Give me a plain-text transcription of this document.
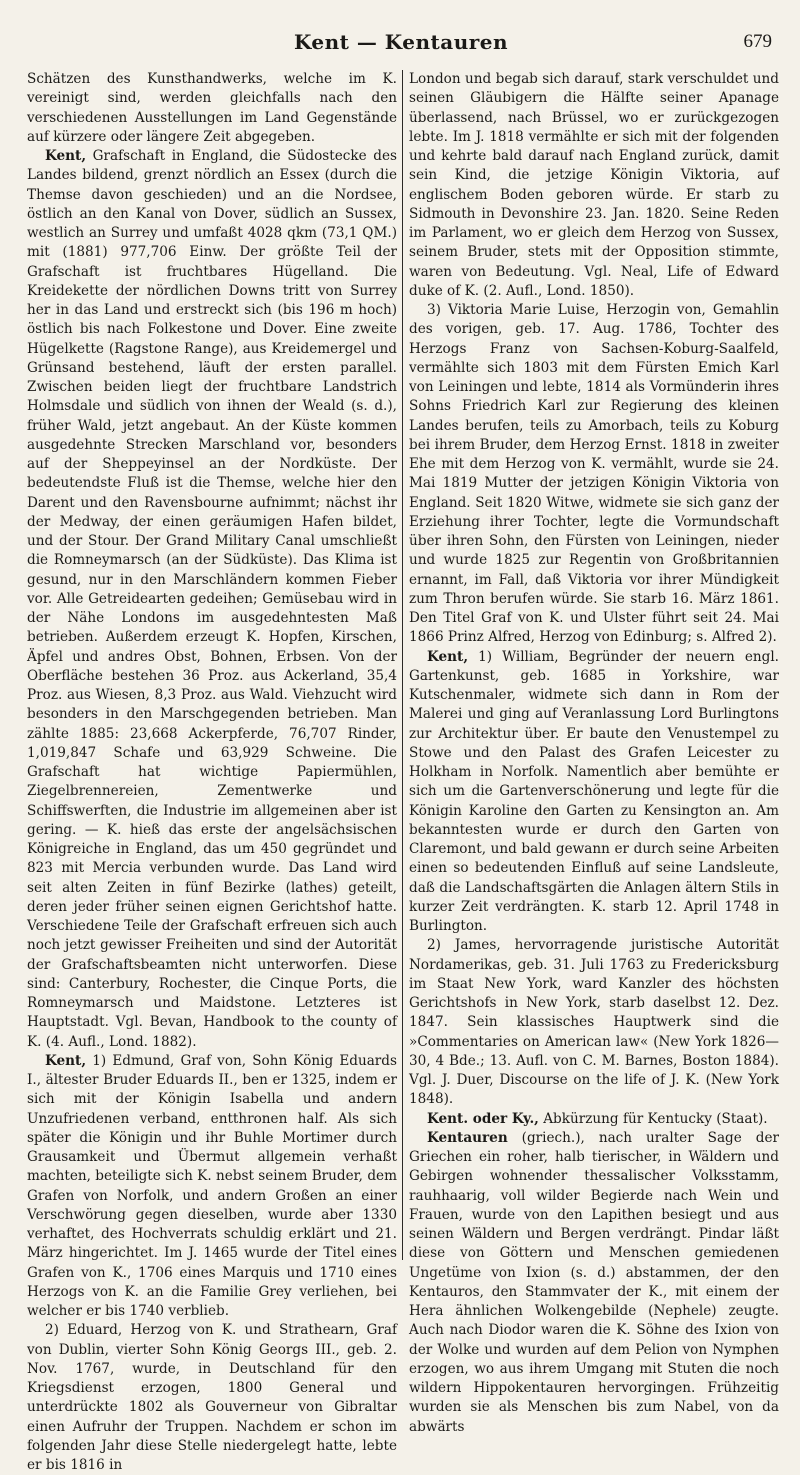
Kent — Kentauren	679

Schätzen des Kunsthandwerks, welche im K. vereinigt sind, werden gleichfalls nach den verschiedenen Ausstellungen im Land Gegenstände auf kürzere oder längere Zeit abgegeben.

Kent, Grafschaft in England, die Südostecke des Landes bildend, grenzt nördlich an Essex (durch die Themse davon geschieden) und an die Nordsee, östlich an den Kanal von Dover, südlich an Sussex, westlich an Surrey und umfaßt 4028 qkm (73,1 QM.) mit (1881) 977,706 Einw. Der größte Teil der Grafschaft ist fruchtbares Hügelland. Die Kreidekette der nördlichen Downs tritt von Surrey her in das Land und erstreckt sich (bis 196 m hoch) östlich bis nach Folkestone und Dover. Eine zweite Hügelkette (Ragstone Range), aus Kreidemergel und Grünsand bestehend, läuft der ersten parallel. Zwischen beiden liegt der fruchtbare Landstrich Holmsdale und südlich von ihnen der Weald (s. d.), früher Wald, jetzt angebaut. An der Küste kommen ausgedehnte Strecken Marschland vor, besonders auf der Sheppeyinsel an der Nordküste. Der bedeutendste Fluß ist die Themse, welche hier den Darent und den Ravensbourne aufnimmt; nächst ihr der Medway, der einen geräumigen Hafen bildet, und der Stour. Der Grand Military Canal umschließt die Romneymarsch (an der Südküste). Das Klima ist gesund, nur in den Marschländern kommen Fieber vor. Alle Getreidearten gedeihen; Gemüsebau wird in der Nähe Londons im ausgedehntesten Maß betrieben. Außerdem erzeugt K. Hopfen, Kirschen, Äpfel und andres Obst, Bohnen, Erbsen. Von der Oberfläche bestehen 36 Proz. aus Ackerland, 35,4 Proz. aus Wiesen, 8,3 Proz. aus Wald. Viehzucht wird besonders in den Marschgegenden betrieben. Man zählte 1885: 23,668 Ackerpferde, 76,707 Rinder, 1,019,847 Schafe und 63,929 Schweine. Die Grafschaft hat wichtige Papiermühlen, Ziegelbrennereien, Zementwerke und Schiffswerften, die Industrie im allgemeinen aber ist gering. — K. hieß das erste der angelsächsischen Königreiche in England, das um 450 gegründet und 823 mit Mercia verbunden wurde. Das Land wird seit alten Zeiten in fünf Bezirke (lathes) geteilt, deren jeder früher seinen eignen Gerichtshof hatte. Verschiedene Teile der Grafschaft erfreuen sich auch noch jetzt gewisser Freiheiten und sind der Autorität der Grafschaftsbeamten nicht unterworfen. Diese sind: Canterbury, Rochester, die Cinque Ports, die Romneymarsch und Maidstone. Letzteres ist Hauptstadt. Vgl. Bevan, Handbook to the county of K. (4. Aufl., Lond. 1882).

Kent, 1) Edmund, Graf von, Sohn König Eduards I., ältester Bruder Eduards II., ben er 1325, indem er sich mit der Königin Isabella und andern Unzufriedenen verband, entthronen half. Als sich später die Königin und ihr Buhle Mortimer durch Grausamkeit und Übermut allgemein verhaßt machten, beteiligte sich K. nebst seinem Bruder, dem Grafen von Norfolk, und andern Großen an einer Verschwörung gegen dieselben, wurde aber 1330 verhaftet, des Hochverrats schuldig erklärt und 21. März hingerichtet. Im J. 1465 wurde der Titel eines Grafen von K., 1706 eines Marquis und 1710 eines Herzogs von K. an die Familie Grey verliehen, bei welcher er bis 1740 verblieb.

2) Eduard, Herzog von K. und Strathearn, Graf von Dublin, vierter Sohn König Georgs III., geb. 2. Nov. 1767, wurde, in Deutschland für den Kriegsdienst erzogen, 1800 General und unterdrückte 1802 als Gouverneur von Gibraltar einen Aufruhr der Truppen. Nachdem er schon im folgenden Jahr diese Stelle niedergelegt hatte, lebte er bis 1816 in

London und begab sich darauf, stark verschuldet und seinen Gläubigern die Hälfte seiner Apanage überlassend, nach Brüssel, wo er zurückgezogen lebte. Im J. 1818 vermählte er sich mit der folgenden und kehrte bald darauf nach England zurück, damit sein Kind, die jetzige Königin Viktoria, auf englischem Boden geboren würde. Er starb zu Sidmouth in Devonshire 23. Jan. 1820. Seine Reden im Parlament, wo er gleich dem Herzog von Sussex, seinem Bruder, stets mit der Opposition stimmte, waren von Bedeutung. Vgl. Neal, Life of Edward duke of K. (2. Aufl., Lond. 1850).

3) Viktoria Marie Luise, Herzogin von, Gemahlin des vorigen, geb. 17. Aug. 1786, Tochter des Herzogs Franz von Sachsen-Koburg-Saalfeld, vermählte sich 1803 mit dem Fürsten Emich Karl von Leiningen und lebte, 1814 als Vormünderin ihres Sohns Friedrich Karl zur Regierung des kleinen Landes berufen, teils zu Amorbach, teils zu Koburg bei ihrem Bruder, dem Herzog Ernst. 1818 in zweiter Ehe mit dem Herzog von K. vermählt, wurde sie 24. Mai 1819 Mutter der jetzigen Königin Viktoria von England. Seit 1820 Witwe, widmete sie sich ganz der Erziehung ihrer Tochter, legte die Vormundschaft über ihren Sohn, den Fürsten von Leiningen, nieder und wurde 1825 zur Regentin von Großbritannien ernannt, im Fall, daß Viktoria vor ihrer Mündigkeit zum Thron berufen würde. Sie starb 16. März 1861. Den Titel Graf von K. und Ulster führt seit 24. Mai 1866 Prinz Alfred, Herzog von Edinburg; s. Alfred 2).

Kent, 1) William, Begründer der neuern engl. Gartenkunst, geb. 1685 in Yorkshire, war Kutschenmaler, widmete sich dann in Rom der Malerei und ging auf Veranlassung Lord Burlingtons zur Architektur über. Er baute den Venustempel zu Stowe und den Palast des Grafen Leicester zu Holkham in Norfolk. Namentlich aber bemühte er sich um die Gartenverschönerung und legte für die Königin Karoline den Garten zu Kensington an. Am bekanntesten wurde er durch den Garten von Claremont, und bald gewann er durch seine Arbeiten einen so bedeutenden Einfluß auf seine Landsleute, daß die Landschaftsgärten die Anlagen ältern Stils in kurzer Zeit verdrängten. K. starb 12. April 1748 in Burlington.

2) James, hervorragende juristische Autorität Nordamerikas, geb. 31. Juli 1763 zu Fredericksburg im Staat New York, ward Kanzler des höchsten Gerichtshofs in New York, starb daselbst 12. Dez. 1847. Sein klassisches Hauptwerk sind die »Commentaries on American law« (New York 1826—30, 4 Bde.; 13. Aufl. von C. M. Barnes, Boston 1884). Vgl. J. Duer, Discourse on the life of J. K. (New York 1848).

Kent. oder Ky., Abkürzung für Kentucky (Staat).

Kentauren (griech.), nach uralter Sage der Griechen ein roher, halb tierischer, in Wäldern und Gebirgen wohnender thessalischer Volksstamm, rauhhaarig, voll wilder Begierde nach Wein und Frauen, wurde von den Lapithen besiegt und aus seinen Wäldern und Bergen verdrängt. Pindar läßt diese von Göttern und Menschen gemiedenen Ungetüme von Ixion (s. d.) abstammen, der den Kentauros, den Stammvater der K., mit einem der Hera ähnlichen Wolkengebilde (Nephele) zeugte. Auch nach Diodor waren die K. Söhne des Ixion von der Wolke und wurden auf dem Pelion von Nymphen erzogen, wo aus ihrem Umgang mit Stuten die noch wildern Hippokentauren hervorgingen. Frühzeitig wurden sie als Menschen bis zum Nabel, von da abwärts
